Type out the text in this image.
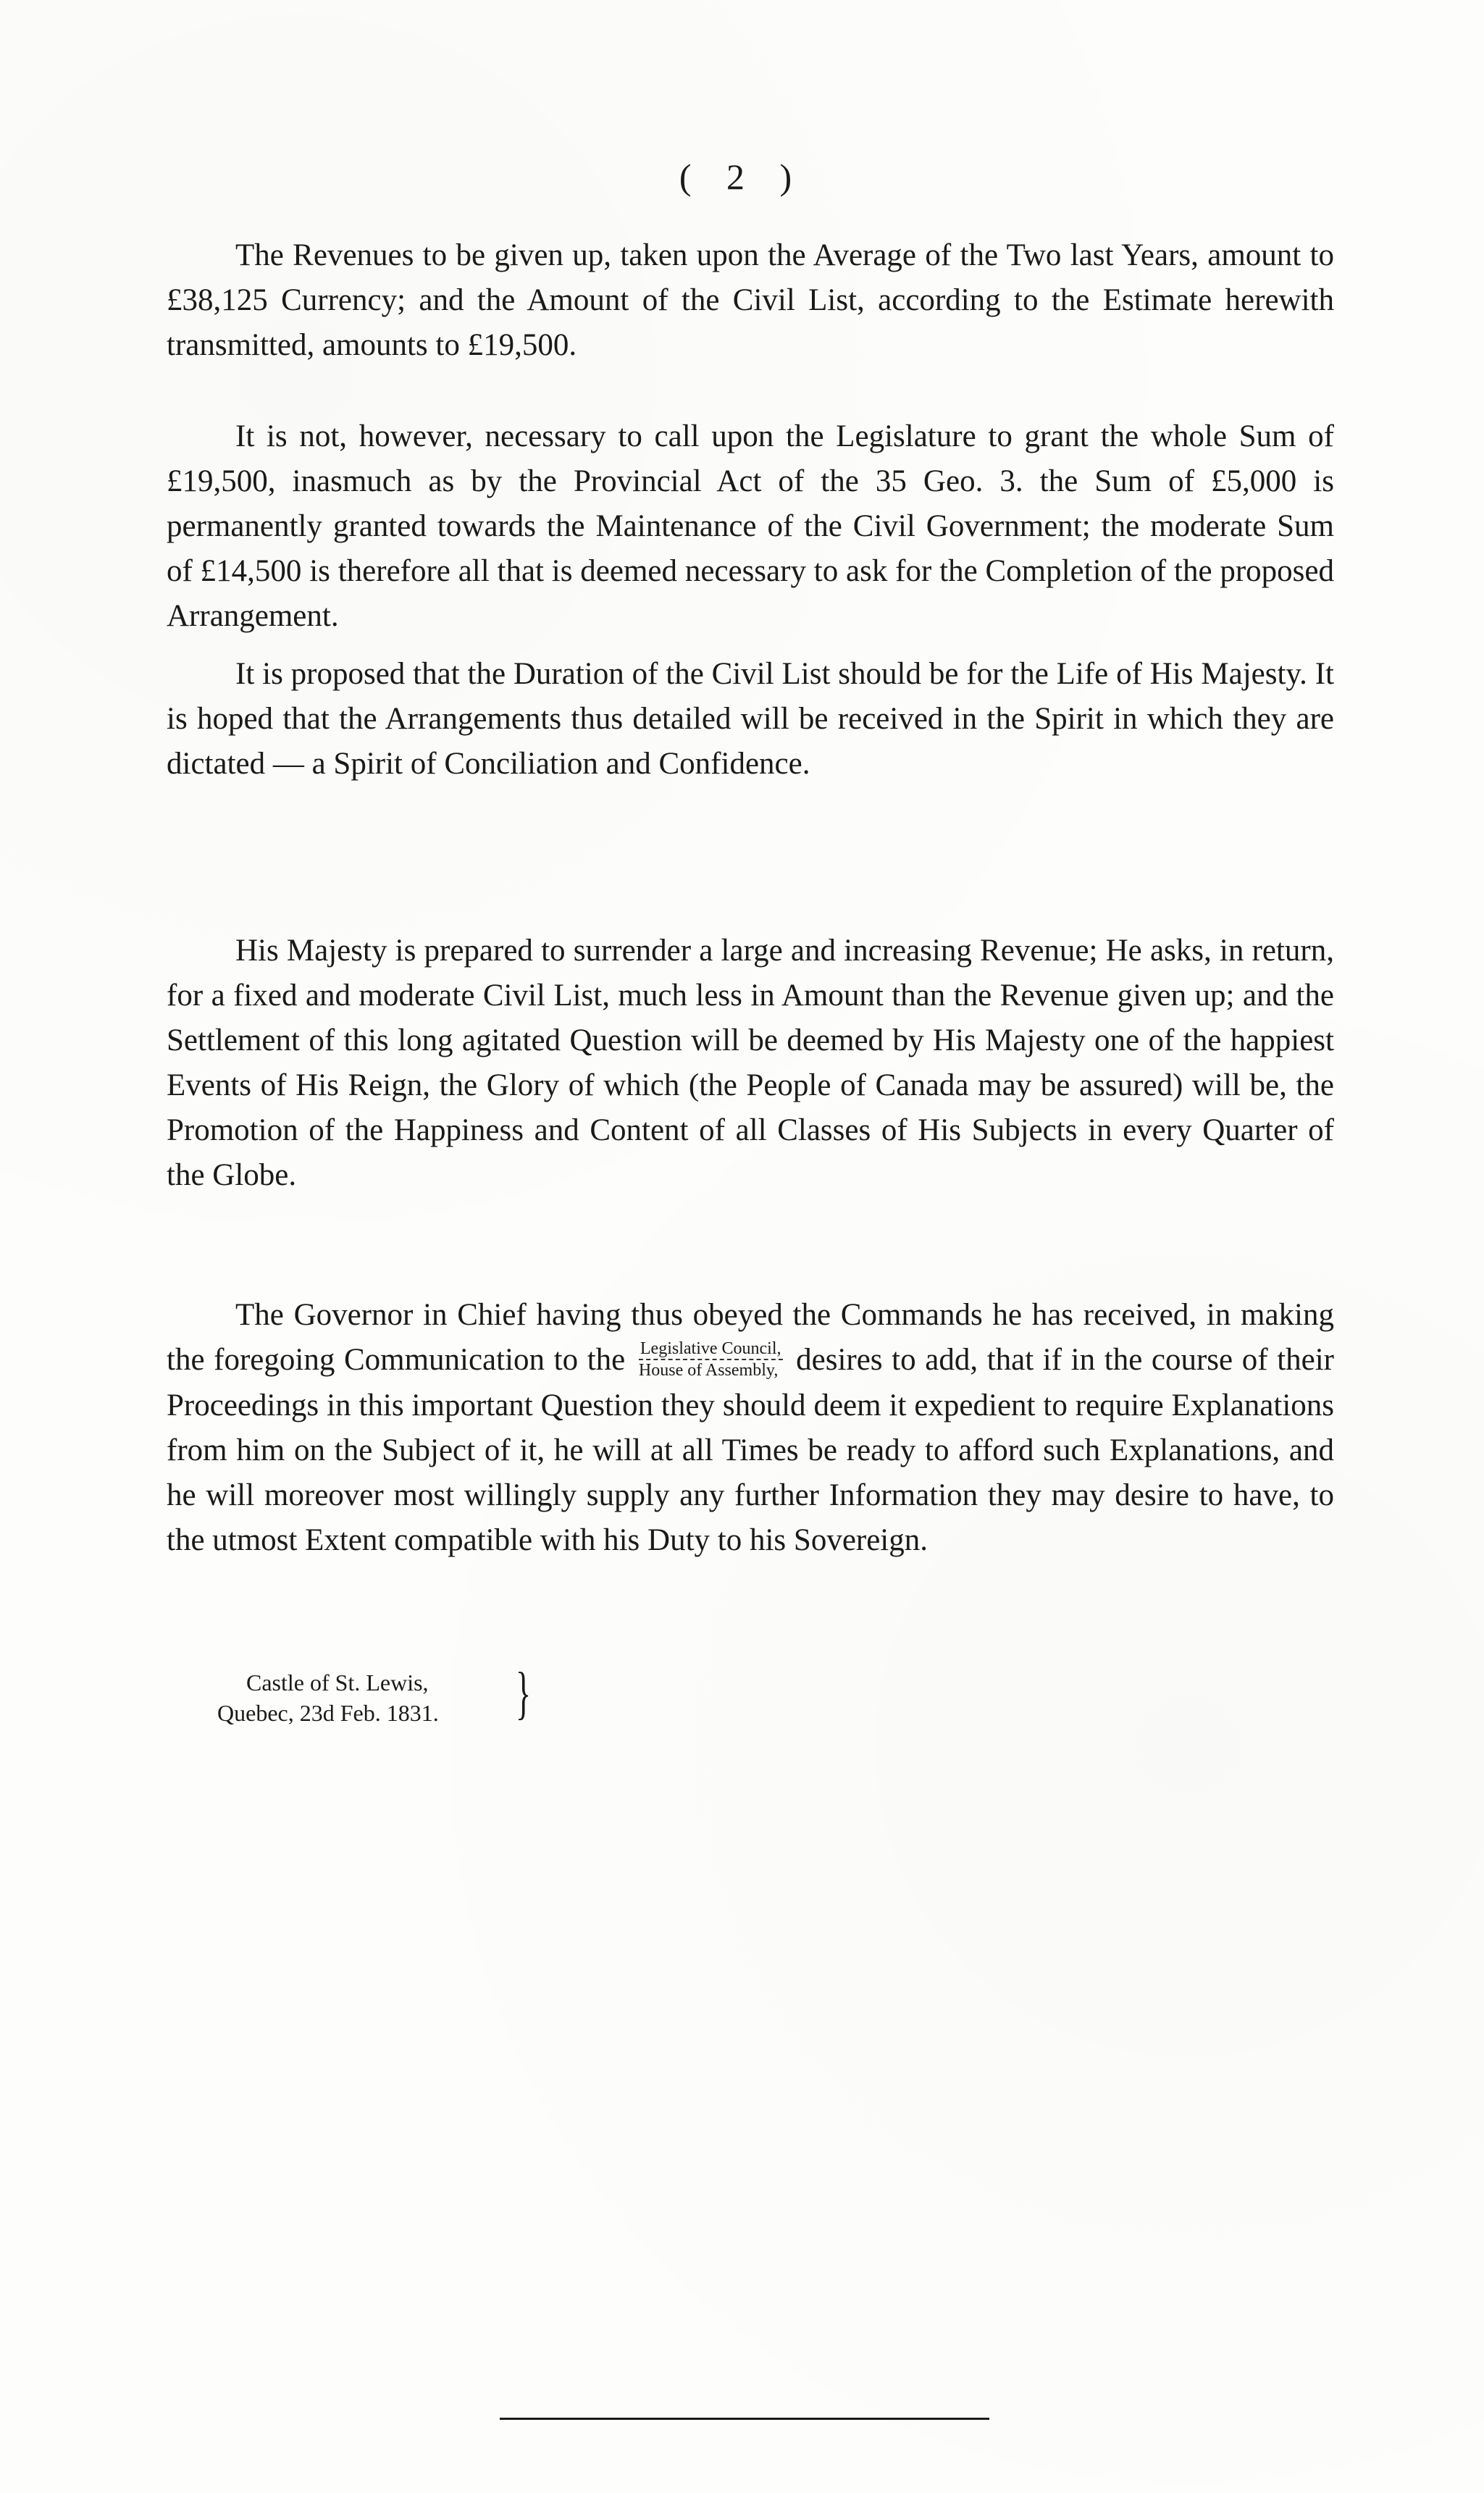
( 2 )

The Revenues to be given up, taken upon the Average of the Two last Years, amount to £38,125 Currency; and the Amount of the Civil List, according to the Estimate herewith transmitted, amounts to £19,500.

It is not, however, necessary to call upon the Legislature to grant the whole Sum of £19,500, inasmuch as by the Provincial Act of the 35 Geo. 3. the Sum of £5,000 is permanently granted towards the Maintenance of the Civil Government; the moderate Sum of £14,500 is therefore all that is deemed necessary to ask for the Completion of the proposed Arrangement.

It is proposed that the Duration of the Civil List should be for the Life of His Majesty. It is hoped that the Arrangements thus detailed will be received in the Spirit in which they are dictated — a Spirit of Conciliation and Confidence.

His Majesty is prepared to surrender a large and increasing Revenue; He asks, in return, for a fixed and moderate Civil List, much less in Amount than the Revenue given up; and the Settlement of this long agitated Question will be deemed by His Majesty one of the happiest Events of His Reign, the Glory of which (the People of Canada may be assured) will be, the Promotion of the Happiness and Content of all Classes of His Subjects in every Quarter of the Globe.

The Governor in Chief having thus obeyed the Commands he has received, in making the foregoing Communication to the Legislative Council,
House of Assembly, desires to add, that if in the course of their Proceedings in this important Question they should deem it expedient to require Explanations from him on the Subject of it, he will at all Times be ready to afford such Explanations, and he will moreover most willingly supply any further Information they may desire to have, to the utmost Extent compatible with his Duty to his Sovereign.

Castle of St. Lewis,
Quebec, 23d Feb. 1831. }
